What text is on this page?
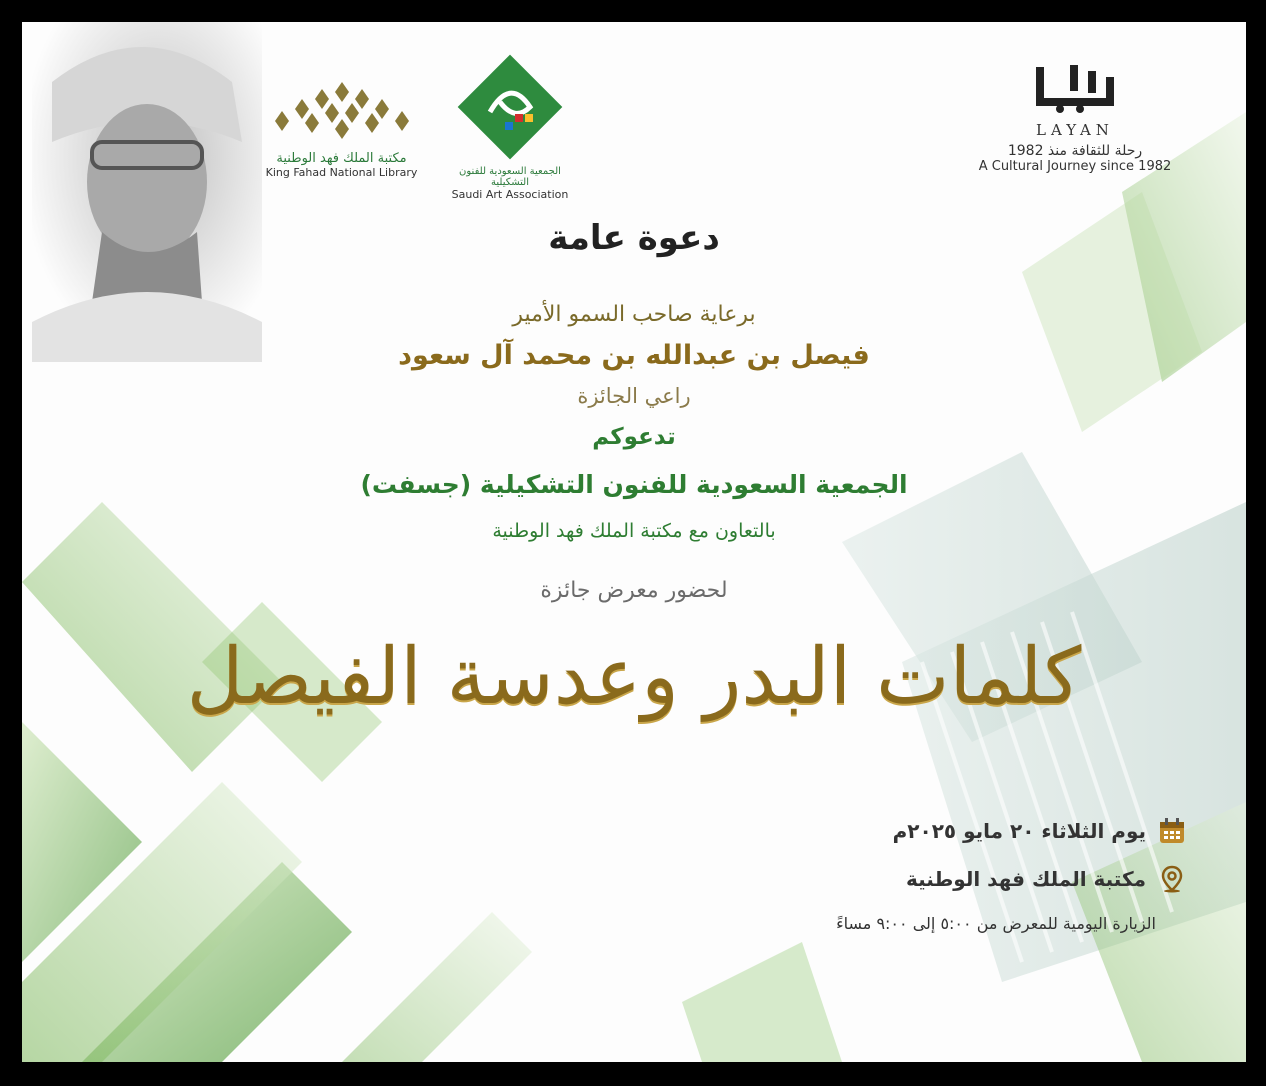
مكتبة الملك فهد الوطنية
King Fahad National Library	الجمعية السعودية للفنون التشكيلية
Saudi Art Association
LAYAN
رحلة للثقافة منذ 1982
A Cultural Journey since 1982
دعوة عامة
برعاية صاحب السمو الأمير
فيصل بن عبدالله بن محمد آل سعود
راعي الجائزة
تدعوكم
الجمعية السعودية للفنون التشكيلية (جسفت)
بالتعاون مع مكتبة الملك فهد الوطنية
لحضور معرض جائزة
كلمات البدر وعدسة الفيصل
يوم الثلاثاء ٢٠ مايو ٢٠٢٥م
مكتبة الملك فهد الوطنية
الزيارة اليومية للمعرض من ٥:٠٠ إلى ٩:٠٠ مساءً
